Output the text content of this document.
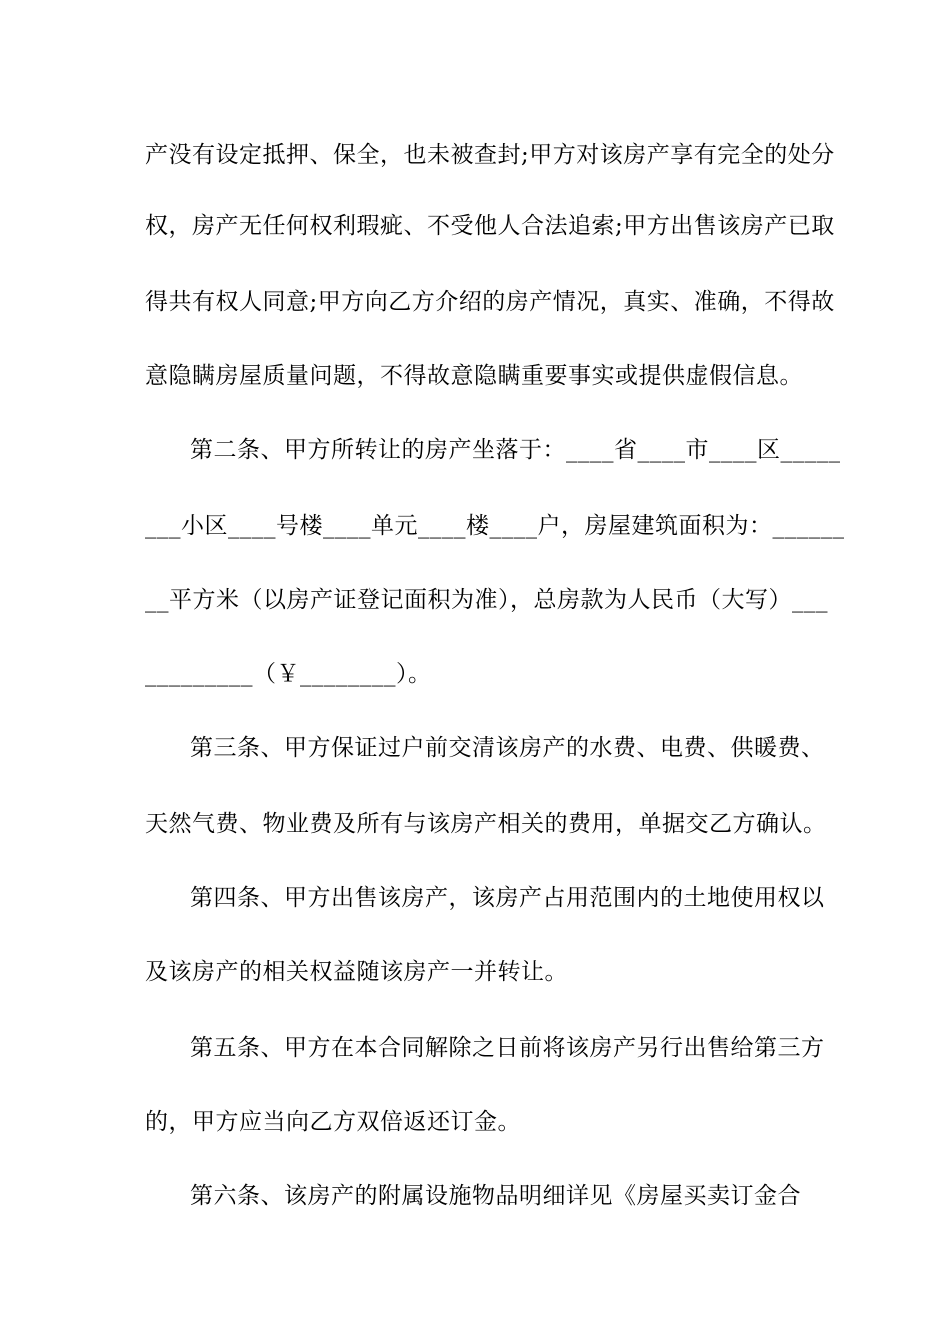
产没有设定抵押、保全，也未被查封;甲方对该房产享有完全的处分
权，房产无任何权利瑕疵、不受他人合法追索;甲方出售该房产已取
得共有权人同意;甲方向乙方介绍的房产情况，真实、准确，不得故
意隐瞒房屋质量问题，不得故意隐瞒重要事实或提供虚假信息。
第二条、甲方所转让的房产坐落于：____省____市____区_____
___小区____号楼____单元____楼____户，房屋建筑面积为：______
__平方米（以房产证登记面积为准），总房款为人民币（大写）___
_________（￥________）。
第三条、甲方保证过户前交清该房产的水费、电费、供暖费、
天然气费、物业费及所有与该房产相关的费用，单据交乙方确认。
第四条、甲方出售该房产，该房产占用范围内的土地使用权以
及该房产的相关权益随该房产一并转让。
第五条、甲方在本合同解除之日前将该房产另行出售给第三方
的，甲方应当向乙方双倍返还订金。
第六条、该房产的附属设施物品明细详见《房屋买卖订金合
